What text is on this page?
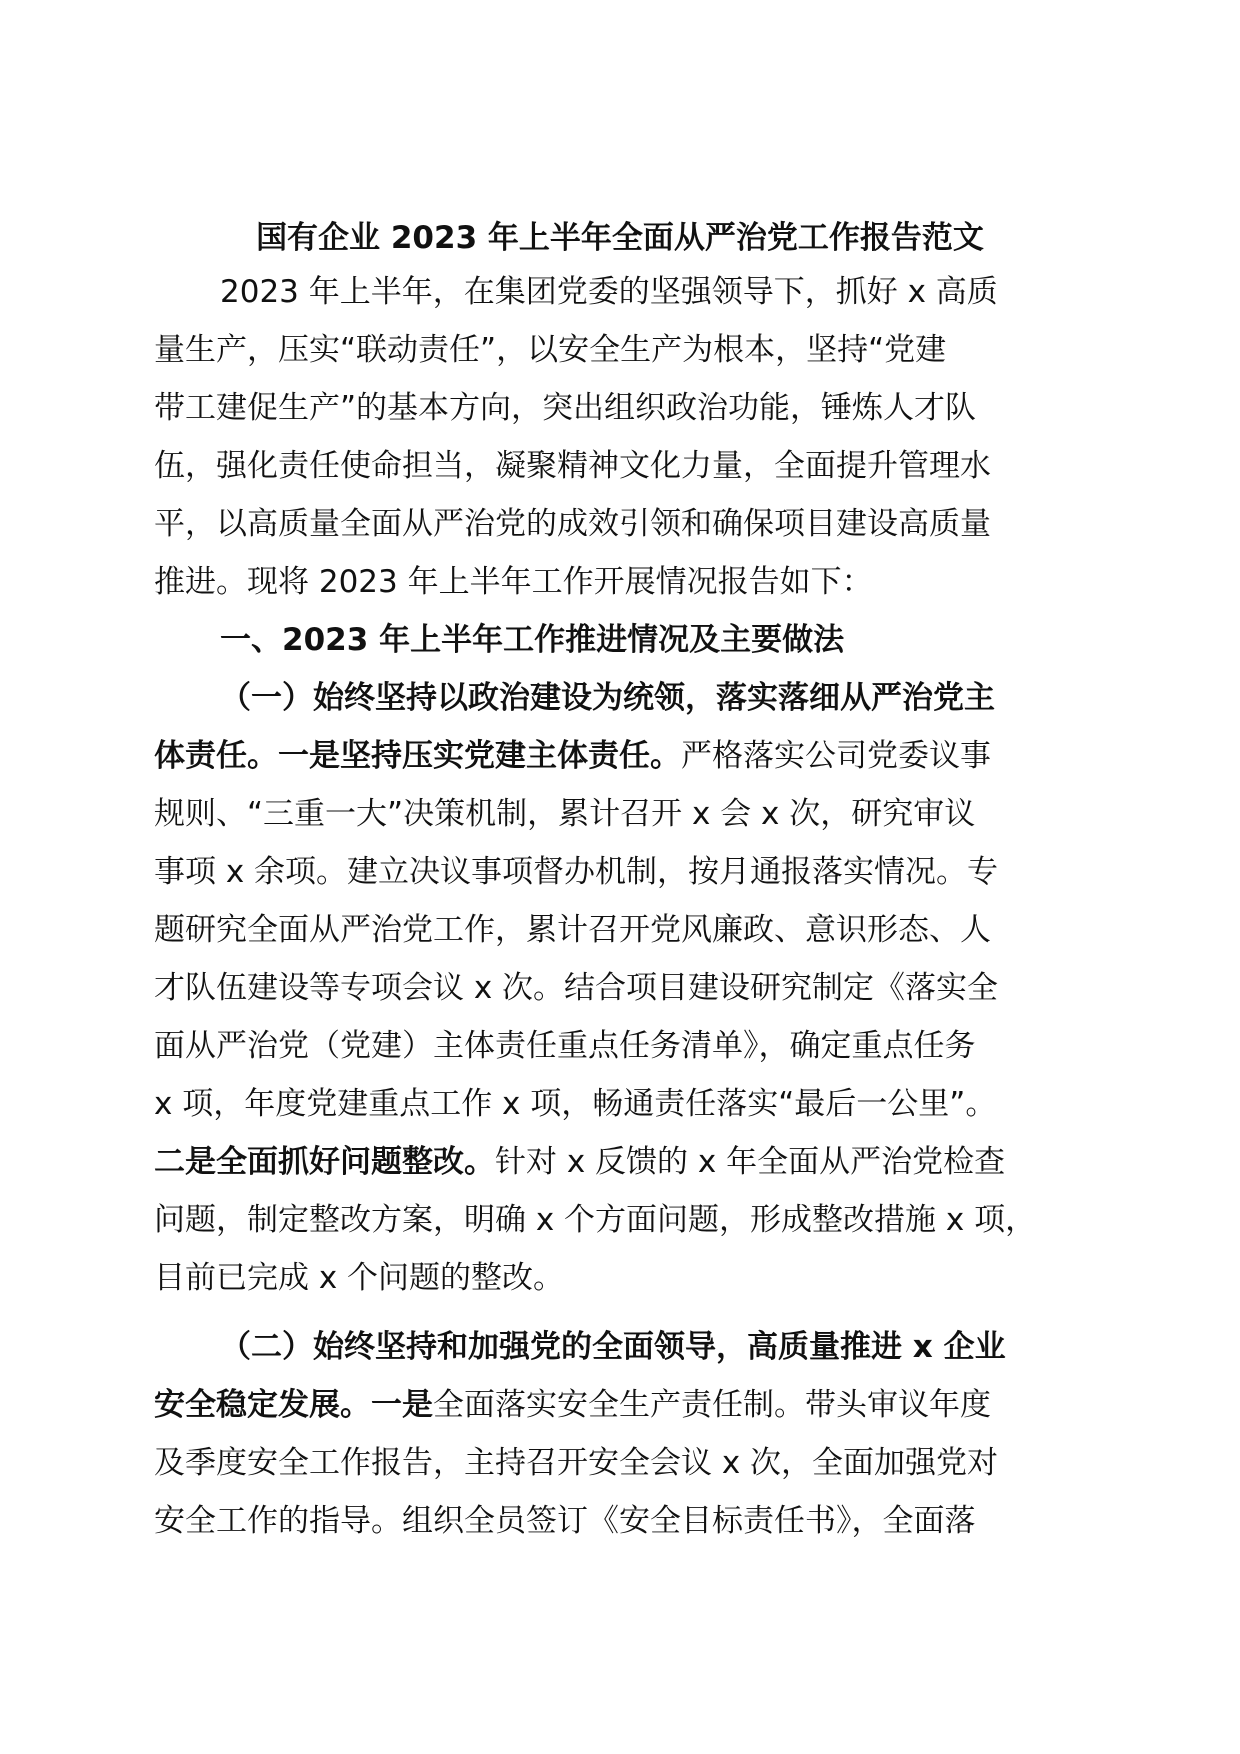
国有企业 2023 年上半年全面从严治党工作报告范文
2023 年上半年，在集团党委的坚强领导下，抓好 x 高质
量生产，压实“联动责任”，以安全生产为根本，坚持“党建
带工建促生产”的基本方向，突出组织政治功能，锤炼人才队
伍，强化责任使命担当，凝聚精神文化力量，全面提升管理水
平，以高质量全面从严治党的成效引领和确保项目建设高质量
推进。现将 2023 年上半年工作开展情况报告如下：
一、2023 年上半年工作推进情况及主要做法
（一）始终坚持以政治建设为统领，落实落细从严治党主
体责任。一是坚持压实党建主体责任。严格落实公司党委议事
规则、“三重一大”决策机制，累计召开 x 会 x 次，研究审议
事项 x 余项。建立决议事项督办机制，按月通报落实情况。专
题研究全面从严治党工作，累计召开党风廉政、意识形态、人
才队伍建设等专项会议 x 次。结合项目建设研究制定《落实全
面从严治党（党建）主体责任重点任务清单》，确定重点任务
x 项，年度党建重点工作 x 项，畅通责任落实“最后一公里”。
二是全面抓好问题整改。针对 x 反馈的 x 年全面从严治党检查
问题，制定整改方案，明确 x 个方面问题，形成整改措施 x 项，
目前已完成 x 个问题的整改。
（二）始终坚持和加强党的全面领导，高质量推进 x 企业
安全稳定发展。一是全面落实安全生产责任制。带头审议年度
及季度安全工作报告，主持召开安全会议 x 次，全面加强党对
安全工作的指导。组织全员签订《安全目标责任书》，全面落
